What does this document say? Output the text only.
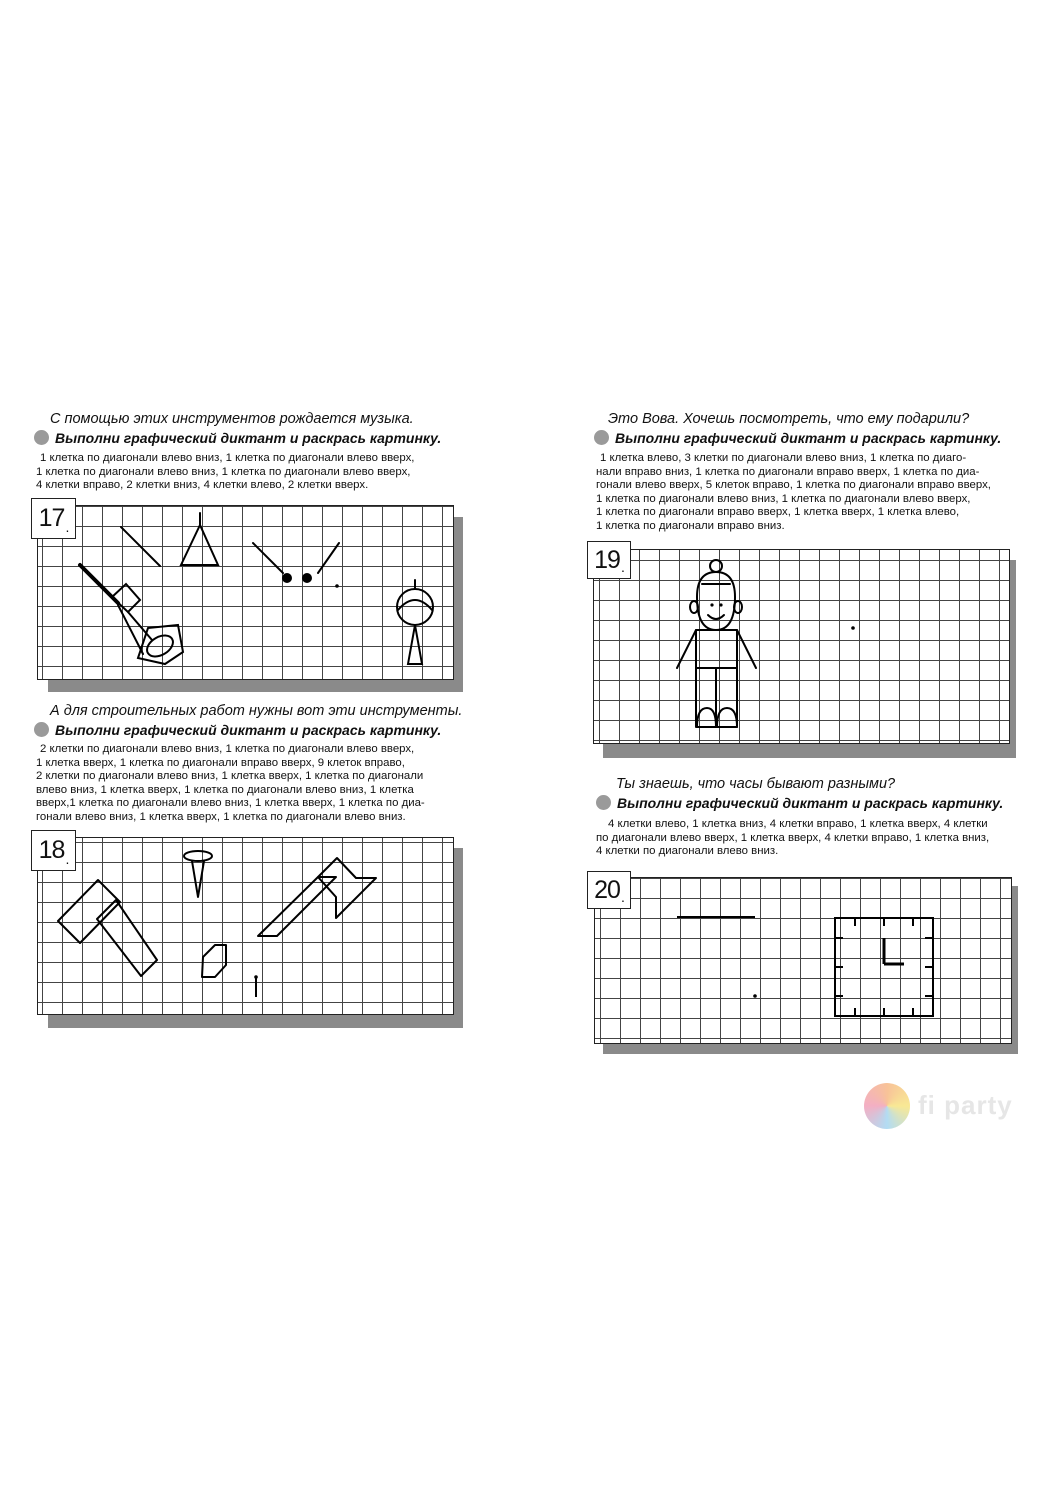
С помощью этих инструментов рождается музыка.
Выполни графический диктант и раскрась картинку.
1 клетка по диагонали влево вниз, 1 клетка по диагонали влево вверх,
1 клетка по диагонали влево вниз, 1 клетка по диагонали влево вверх,
4 клетки вправо, 2 клетки вниз, 4 клетки влево, 2 клетки вверх.
17 .
А для строительных работ нужны вот эти инструменты.
Выполни графический диктант и раскрась картинку.
2 клетки по диагонали влево вниз, 1 клетка по диагонали влево вверх,
1 клетка вверх, 1 клетка по диагонали вправо вверх, 9 клеток вправо,
2 клетки по диагонали влево вниз, 1 клетка вверх, 1 клетка по диагонали
влево вниз, 1 клетка вверх, 1 клетка по диагонали влево вниз, 1 клетка
вверх,1 клетка по диагонали влево вниз, 1 клетка вверх, 1 клетка по диа-
гонали влево вниз, 1 клетка вверх, 1 клетка по диагонали влево вниз.
18 .
Это Вова. Хочешь посмотреть, что ему подарили?
Выполни графический диктант и раскрась картинку.
1 клетка влево, 3 клетки по диагонали влево вниз, 1 клетка по диаго-
нали вправо вниз, 1 клетка по диагонали вправо вверх, 1 клетка по диа-
гонали влево вверх, 5 клеток вправо, 1 клетка по диагонали вправо вверх,
1 клетка по диагонали влево вниз, 1 клетка по диагонали влево вверх,
1 клетка по диагонали вправо вверх, 1 клетка вверх, 1 клетка влево,
1 клетка по диагонали вправо вниз.
19 .
Ты знаешь, что часы бывают разными?
Выполни графический диктант и раскрась картинку.
4 клетки влево, 1 клетка вниз, 4 клетки вправо, 1 клетка вверх, 4 клетки
по диагонали влево вверх, 1 клетка вверх, 4 клетки вправо, 1 клетка вниз,
4 клетки по диагонали влево вниз.
20 .
fi party
